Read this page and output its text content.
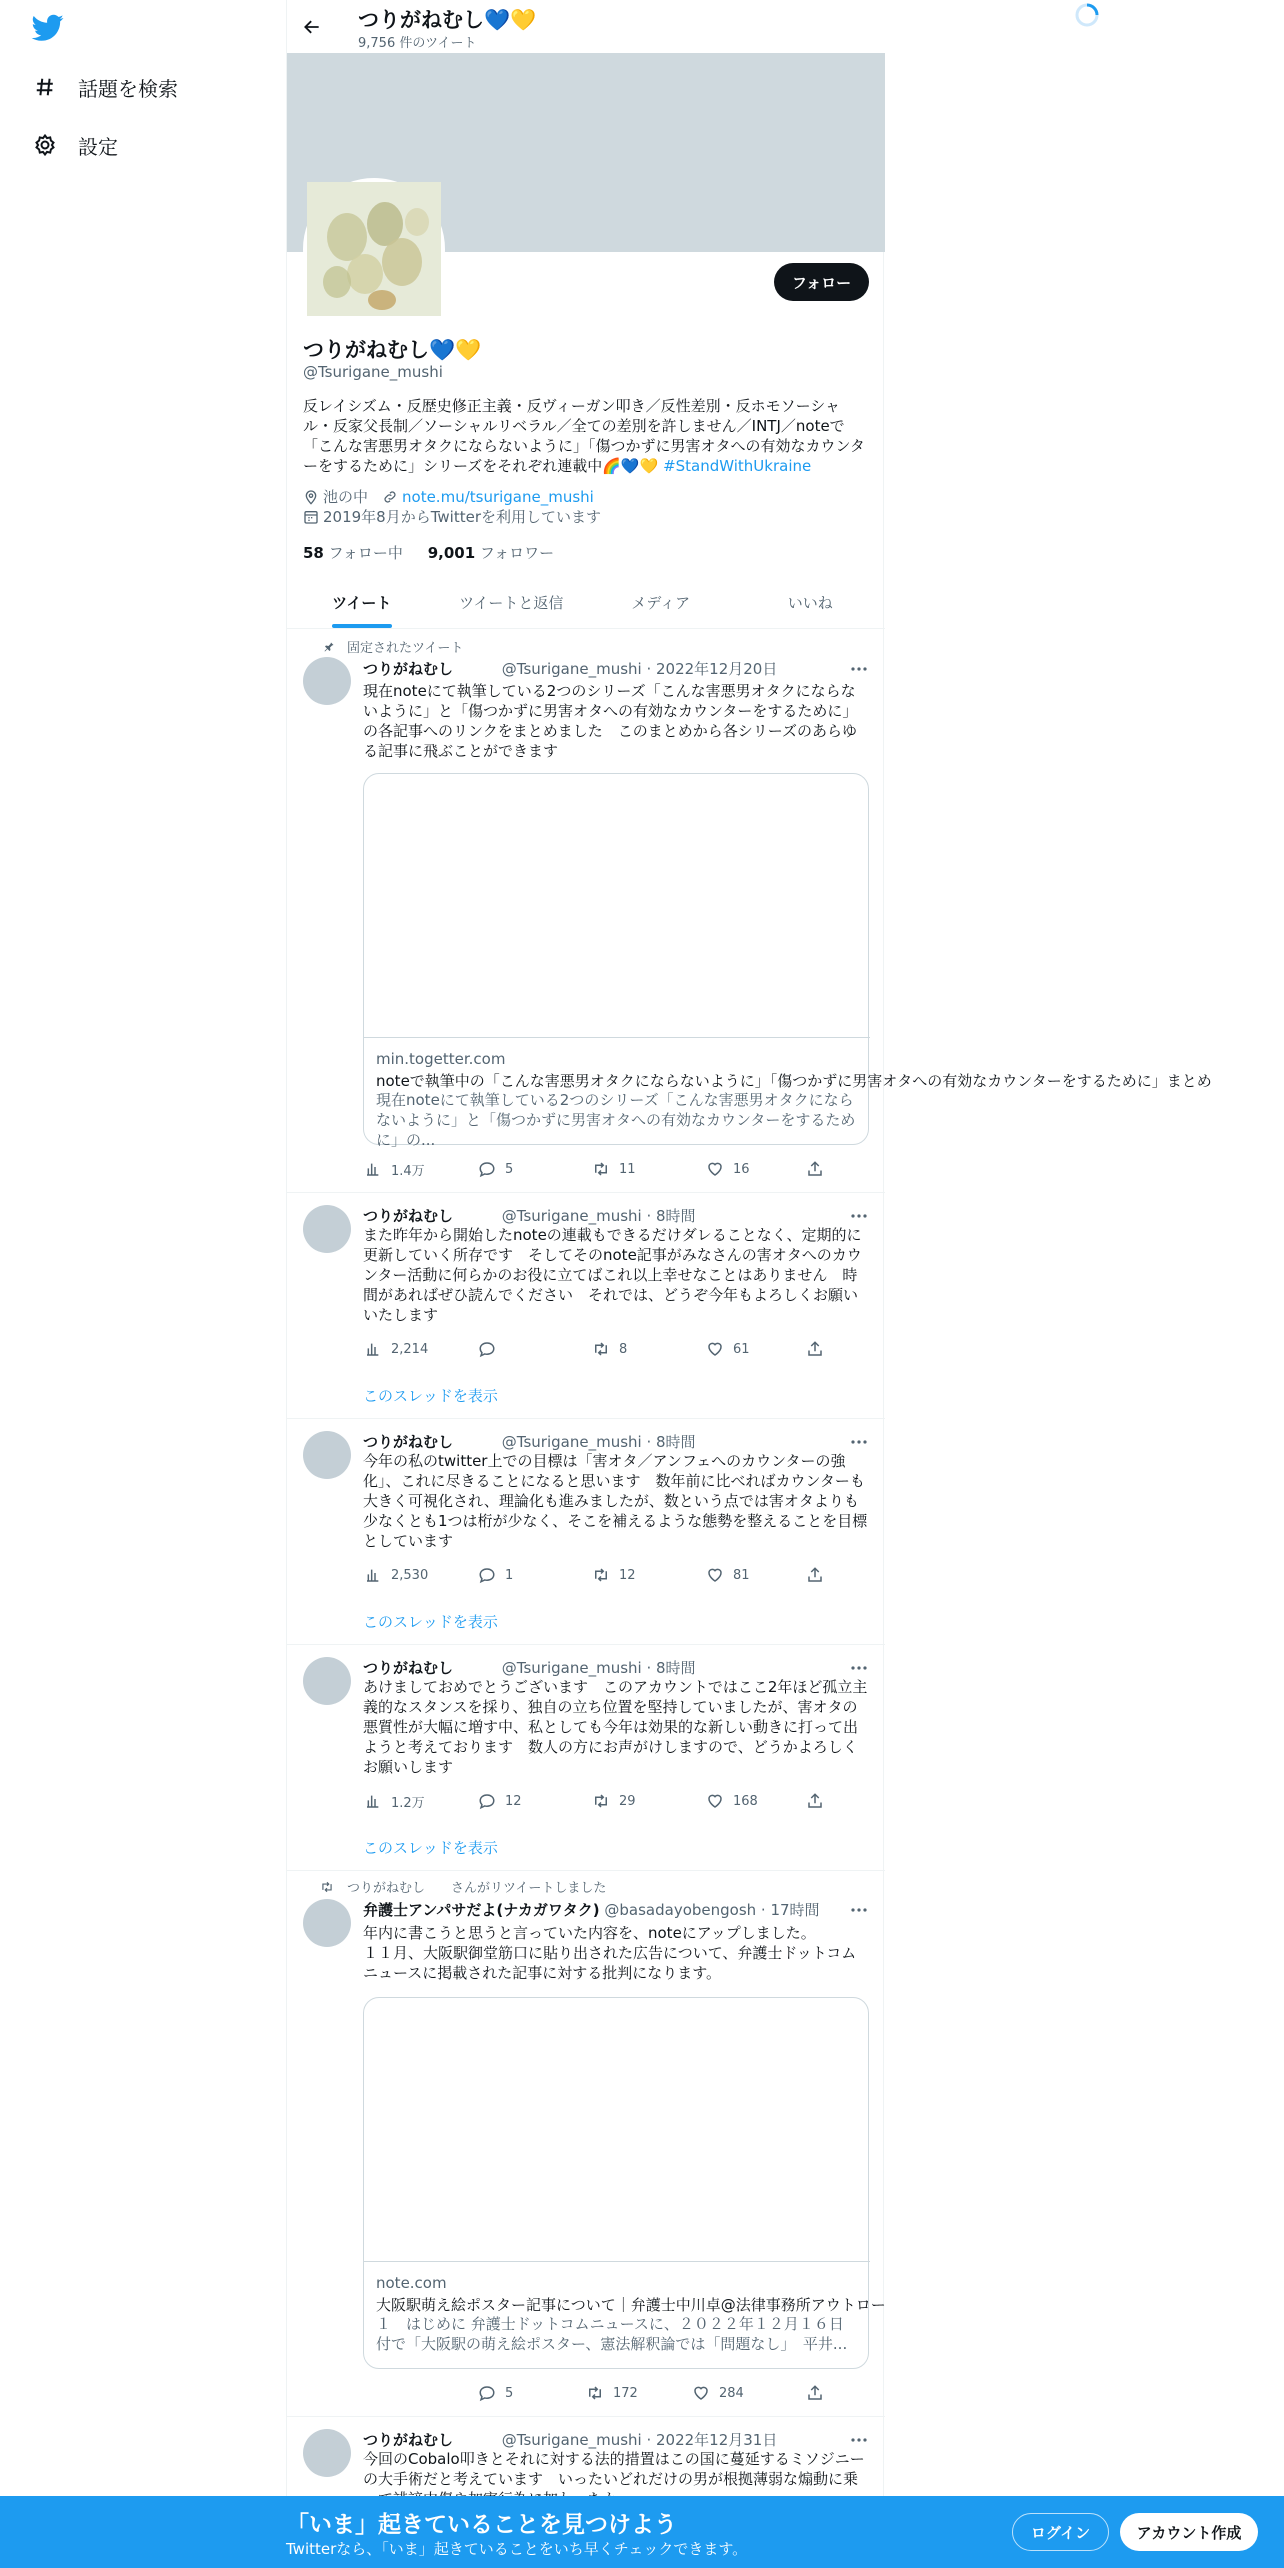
話題を検索
設定
つりがねむし💙💛
9,756 件のツイート
フォロー
つりがねむし💙💛
@Tsurigane_mushi
反レイシズム・反歴史修正主義・反ヴィーガン叩き／反性差別・反ホモソーシャル・反家父長制／ソーシャルリベラル／全ての差別を許しません／INTJ／noteで「こんな害悪男オタクにならないように」「傷つかずに男害オタへの有効なカウンターをするために」シリーズをそれぞれ連載中🌈💙💛 #StandWithUkraine
池の中 note.mu/tsurigane_mushi
2019年8月からTwitterを利用しています
58 フォロー中 9,001 フォロワー
ツイート	ツイートと返信	メディア	いいね
固定されたツイート
つりがねむし	@Tsurigane_mushi · 2022年12月20日
現在noteにて執筆している2つのシリーズ「こんな害悪男オタクにならないように」と「傷つかずに男害オタへの有効なカウンターをするために」の各記事へのリンクをまとめました　このまとめから各シリーズのあらゆる記事に飛ぶことができます
min.togetter.com
noteで執筆中の「こんな害悪男オタクにならないように」「傷つかずに男害オタへの有効なカウンターをするために」まとめ
現在noteにて執筆している2つのシリーズ「こんな害悪男オタクにならないように」と「傷つかずに男害オタへの有効なカウンターをするために」の...
1.4万	5	11	16
つりがねむし	@Tsurigane_mushi · 8時間
また昨年から開始したnoteの連載もできるだけダレることなく、定期的に更新していく所存です　そしてそのnote記事がみなさんの害オタへのカウンター活動に何らかのお役に立てばこれ以上幸せなことはありません　時間があればぜひ読んでください　それでは、どうぞ今年もよろしくお願いいたします
2,214	8	61
このスレッドを表示
つりがねむし	@Tsurigane_mushi · 8時間
今年の私のtwitter上での目標は「害オタ／アンフェへのカウンターの強化」、これに尽きることになると思います　数年前に比べればカウンターも大きく可視化され、理論化も進みましたが、数という点では害オタよりも少なくとも1つは桁が少なく、そこを補えるような態勢を整えることを目標としています
2,530	1	12	81
このスレッドを表示
つりがねむし	@Tsurigane_mushi · 8時間
あけましておめでとうございます　このアカウントではここ2年ほど孤立主義的なスタンスを採り、独自の立ち位置を堅持していましたが、害オタの悪質性が大幅に増す中、私としても今年は効果的な新しい動きに打って出ようと考えております　数人の方にお声がけしますので、どうかよろしくお願いします
1.2万	12	29	168
このスレッドを表示
つりがねむし　　さんがリツイートしました
弁護士アンパサだよ(ナカガワタク) @basadayobengosh · 17時間
年内に書こうと思うと言っていた内容を、noteにアップしました。
１１月、大阪駅御堂筋口に貼り出された広告について、弁護士ドットコムニュースに掲載された記事に対する批判になります。
note.com
大阪駅萌え絵ポスター記事について｜弁護士中川卓@法律事務所アウトロー
１　はじめに 弁護士ドットコムニュースに、２０２２年１２月１６日付で「大阪駅の萌え絵ポスター、憲法解釈論では「問題なし」　平井...
5	172	284
つりがねむし	@Tsurigane_mushi · 2022年12月31日
今回のCobalo叩きとそれに対する法的措置はこの国に蔓延するミソジニーの大手術だと考えています　いったいどれだけの男が根拠薄弱な煽動に乗
「いま」起きていることを見つけよう
Twitterなら、「いま」起きていることをいち早くチェックできます。
ログイン	アカウント作成
